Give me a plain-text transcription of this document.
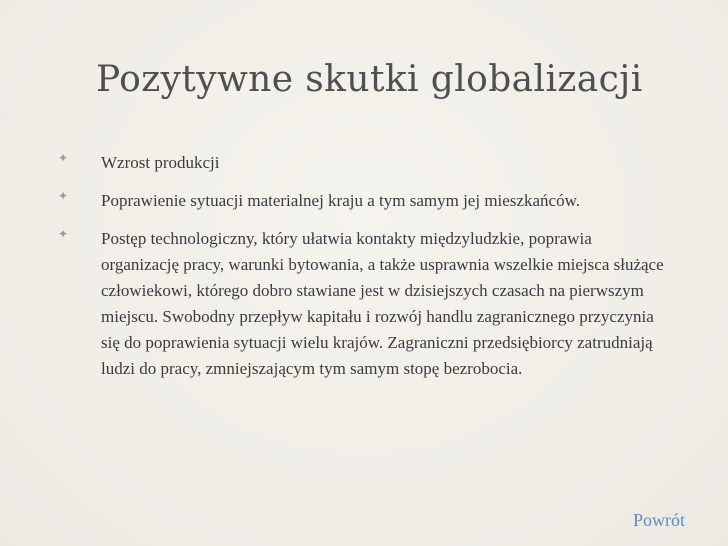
Pozytywne skutki globalizacji
✦ Wzrost produkcji
✦ Poprawienie sytuacji materialnej kraju a tym samym jej mieszkańców.
✦ Postęp technologiczny, który ułatwia kontakty międzyludzkie, poprawia organizację pracy, warunki bytowania, a także usprawnia wszelkie miejsca służące człowiekowi, którego dobro stawiane jest w dzisiejszych czasach na pierwszym miejscu. Swobodny przepływ kapitału i rozwój handlu zagranicznego przyczynia się do poprawienia sytuacji wielu krajów. Zagraniczni przedsiębiorcy zatrudniają ludzi do pracy, zmniejszającym tym samym stopę bezrobocia.
Powrót
